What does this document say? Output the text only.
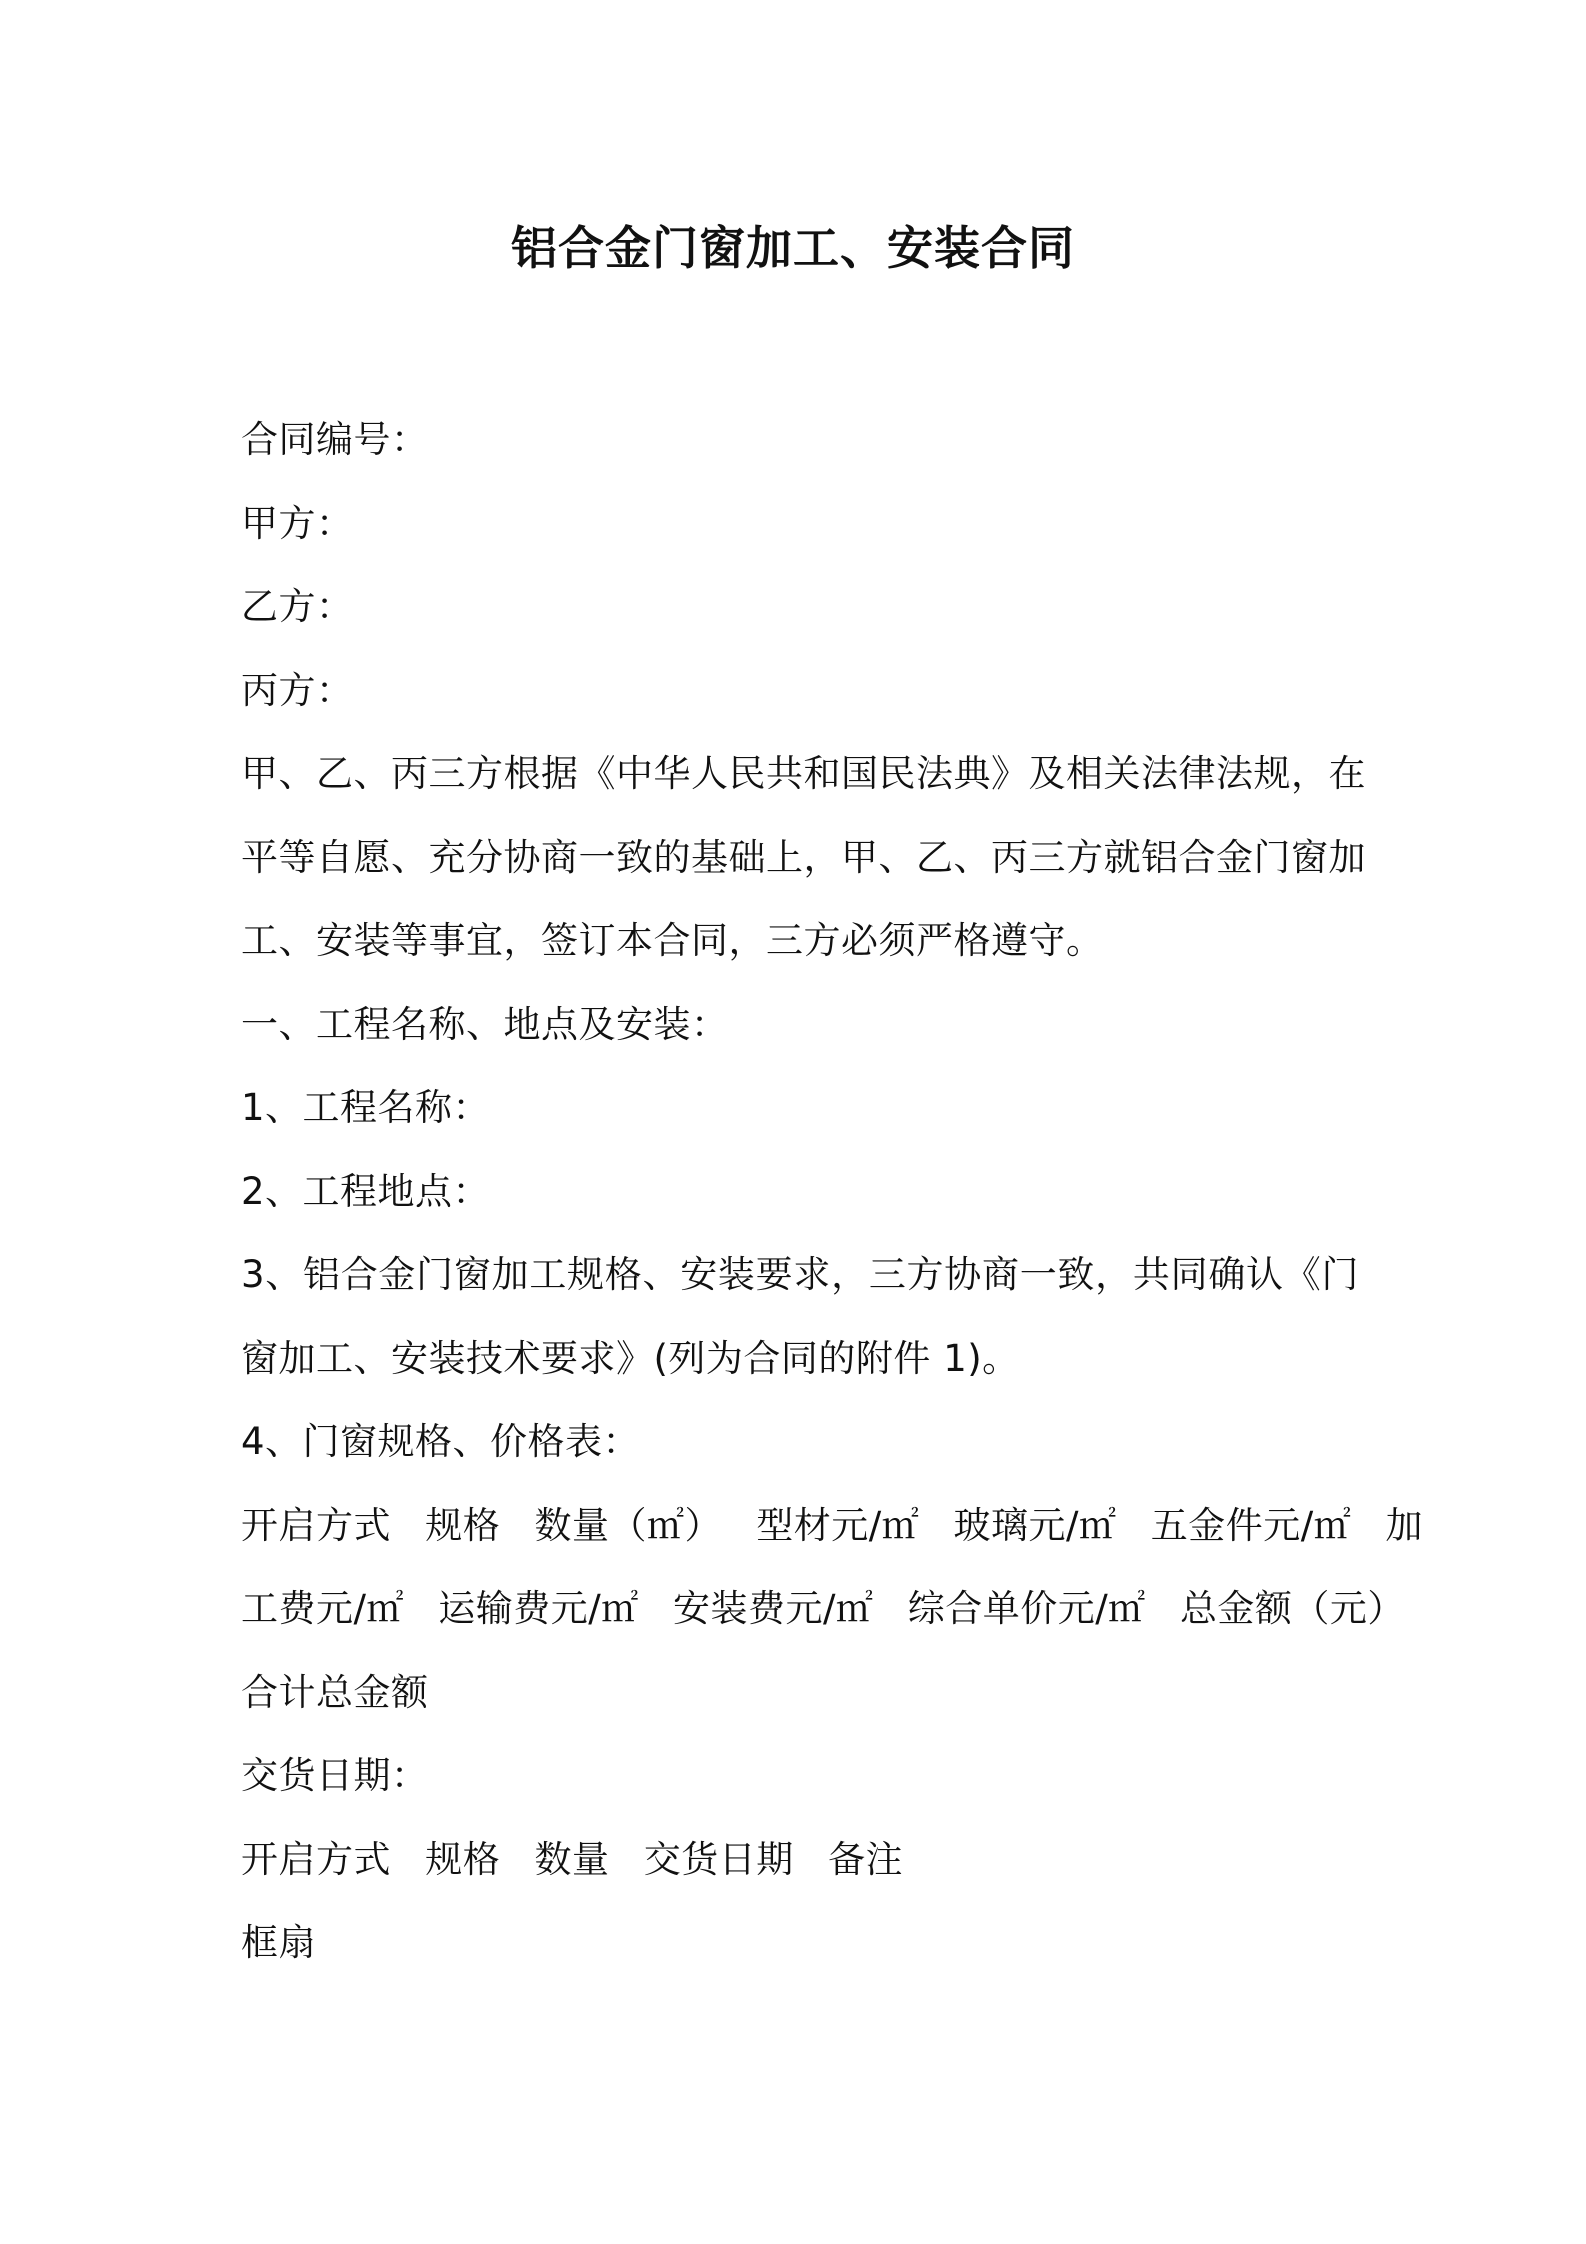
铝合金门窗加工、安装合同
合同编号：
甲方：
乙方：
丙方：
甲、乙、丙三方根据《中华人民共和国民法典》及相关法律法规，在
平等自愿、充分协商一致的基础上，甲、乙、丙三方就铝合金门窗加
工、安装等事宜，签订本合同，三方必须严格遵守。
一、工程名称、地点及安装：
1、工程名称：
2、工程地点：
3、铝合金门窗加工规格、安装要求，三方协商一致，共同确认《门
窗加工、安装技术要求》(列为合同的附件 1)。
4、门窗规格、价格表：
开启方式 规格 数量（㎡） 型材元/㎡ 玻璃元/㎡ 五金件元/㎡ 加
工费元/㎡ 运输费元/㎡ 安装费元/㎡ 综合单价元/㎡ 总金额（元）
合计总金额
交货日期：
开启方式 规格 数量 交货日期 备注
框扇
